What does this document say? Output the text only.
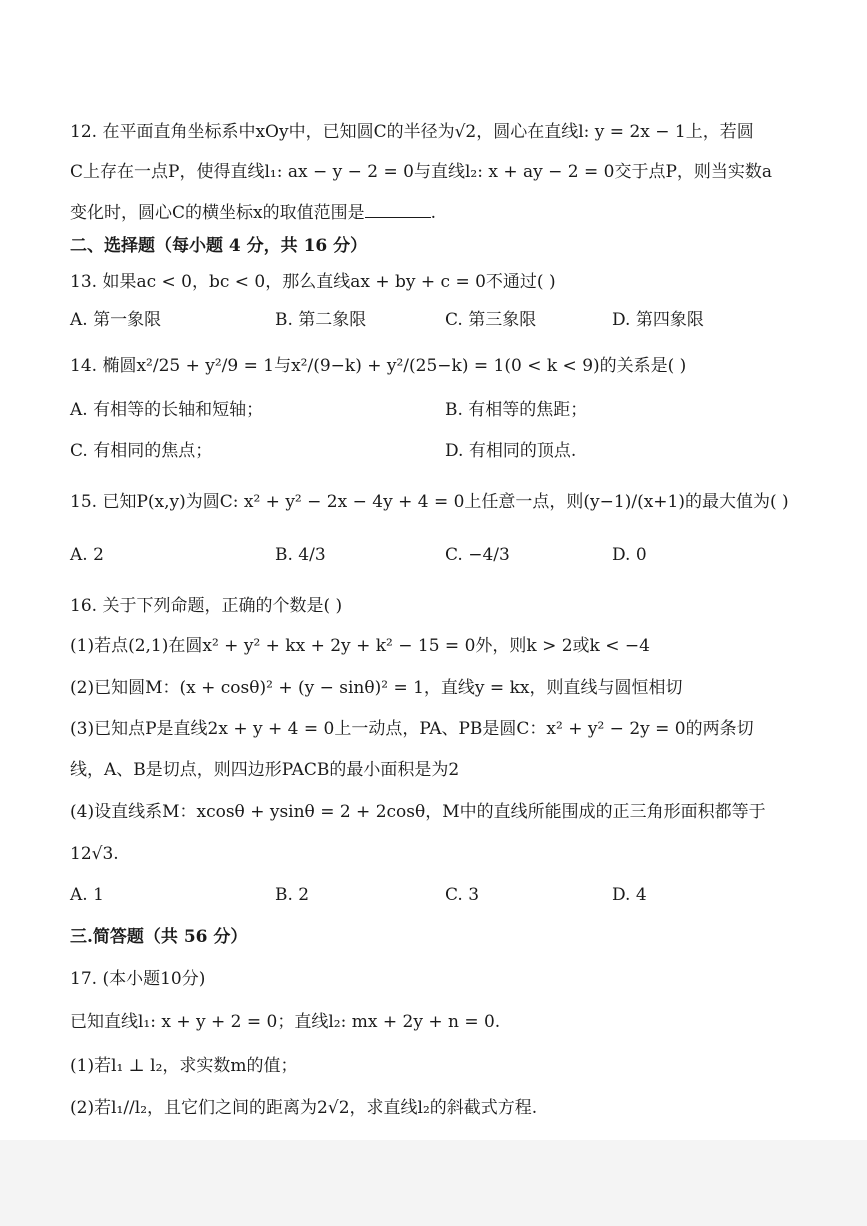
12. 在平面直角坐标系中xOy中，已知圆C的半径为√2，圆心在直线l: y = 2x − 1上，若圆
C上存在一点P，使得直线l₁: ax − y − 2 = 0与直线l₂: x + ay − 2 = 0交于点P，则当实数a
变化时，圆心C的横坐标x的取值范围是	.
二、选择题（每小题 4 分，共 16 分）
13. 如果ac < 0，bc < 0，那么直线ax + by + c = 0不通过( )
A. 第一象限	B. 第二象限	C. 第三象限	D. 第四象限
14. 椭圆x²/25 + y²/9 = 1与x²/(9−k) + y²/(25−k) = 1(0 < k < 9)的关系是( )
A. 有相等的长轴和短轴；	B. 有相等的焦距；
C. 有相同的焦点；	D. 有相同的顶点.
15. 已知P(x,y)为圆C: x² + y² − 2x − 4y + 4 = 0上任意一点，则(y−1)/(x+1)的最大值为( )
A. 2	B. 4/3	C. −4/3	D. 0
16. 关于下列命题，正确的个数是( )
(1)若点(2,1)在圆x² + y² + kx + 2y + k² − 15 = 0外，则k > 2或k < −4
(2)已知圆M：(x + cosθ)² + (y − sinθ)² = 1，直线y = kx，则直线与圆恒相切
(3)已知点P是直线2x + y + 4 = 0上一动点，PA、PB是圆C：x² + y² − 2y = 0的两条切
线，A、B是切点，则四边形PACB的最小面积是为2
(4)设直线系M：xcosθ + ysinθ = 2 + 2cosθ，M中的直线所能围成的正三角形面积都等于
12√3.
A. 1	B. 2	C. 3	D. 4
三.简答题（共 56 分）
17. (本小题10分)
已知直线l₁: x + y + 2 = 0；直线l₂: mx + 2y + n = 0.
(1)若l₁ ⊥ l₂，求实数m的值；
(2)若l₁//l₂，且它们之间的距离为2√2，求直线l₂的斜截式方程.
